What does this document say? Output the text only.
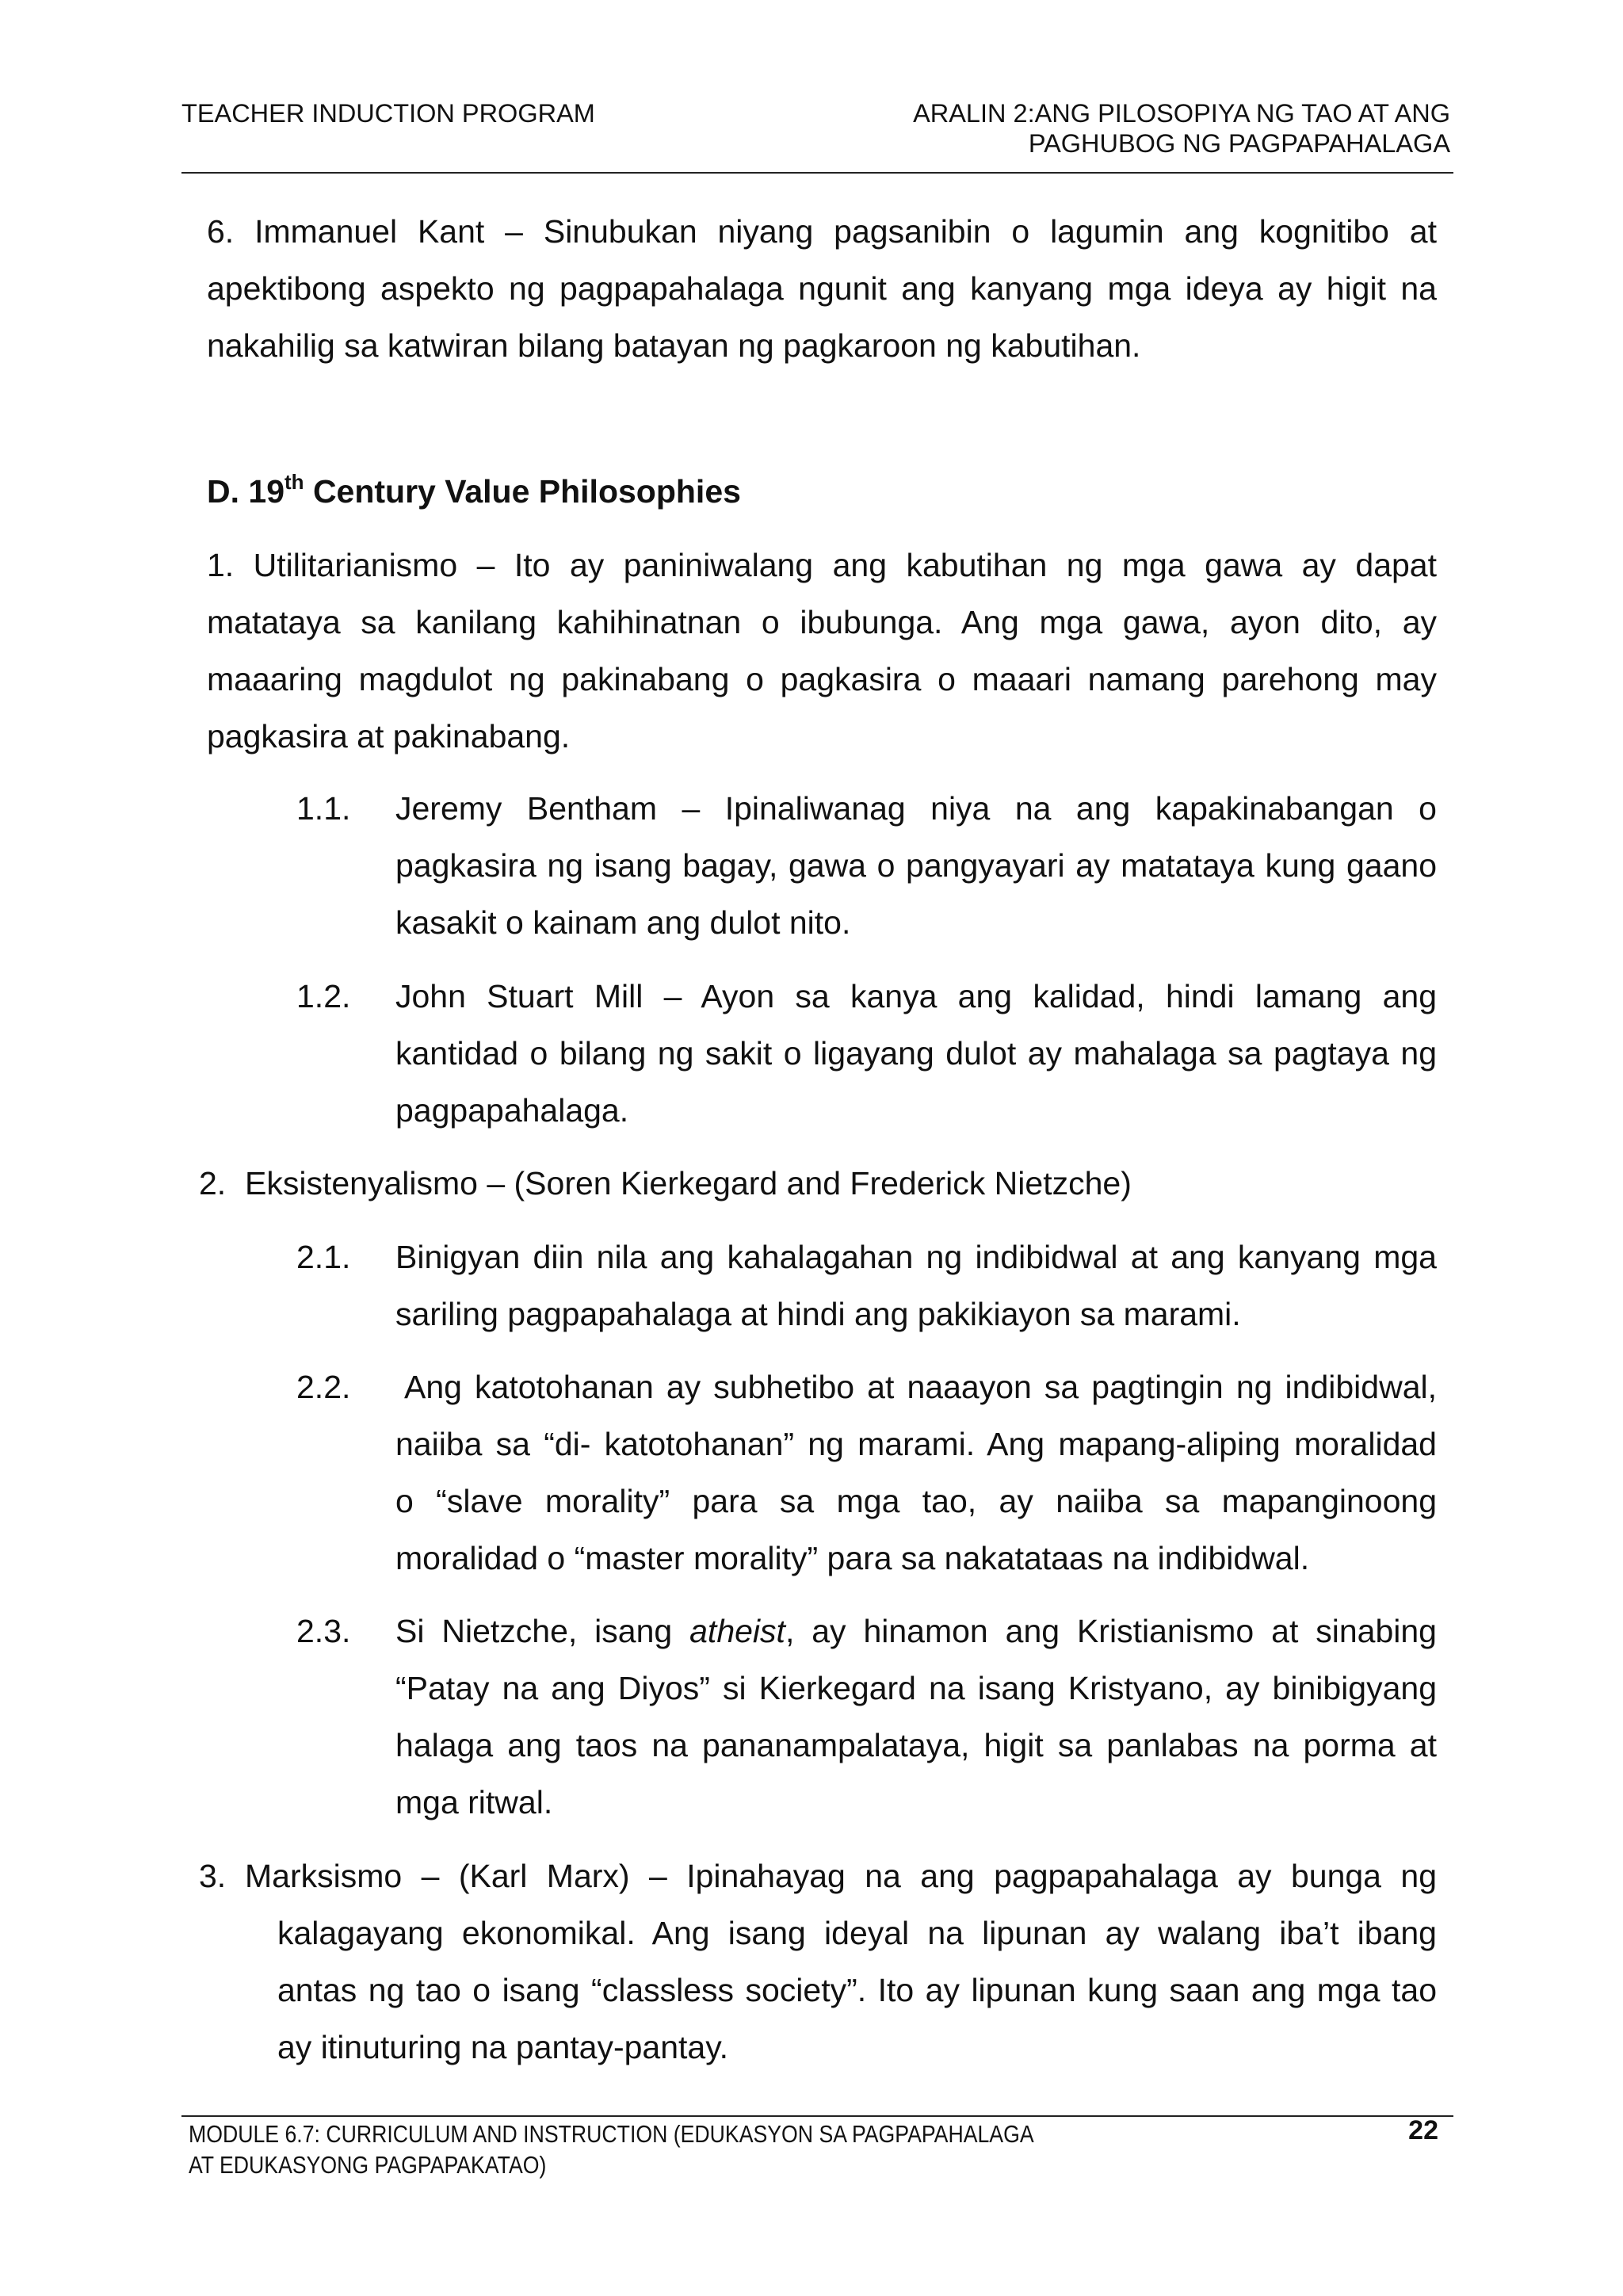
TEACHER INDUCTION PROGRAM	ARALIN 2:ANG PILOSOPIYA NG TAO AT ANG
PAGHUBOG NG PAGPAPAHALAGA
6. Immanuel Kant – Sinubukan niyang pagsanibin o lagumin ang kognitibo at
apektibong aspekto ng pagpapahalaga ngunit ang kanyang mga ideya ay higit na
nakahilig sa katwiran bilang batayan ng pagkaroon ng kabutihan.
D. 19th Century Value Philosophies
1. Utilitarianismo – Ito ay paniniwalang ang kabutihan ng mga gawa ay dapat
matataya sa kanilang kahihinatnan o ibubunga. Ang mga gawa, ayon dito, ay
maaaring magdulot ng pakinabang o pagkasira o maaari namang parehong may
pagkasira at pakinabang.
1.1. Jeremy Bentham – Ipinaliwanag niya na ang kapakinabangan o
pagkasira ng isang bagay, gawa o pangyayari ay matataya kung gaano
kasakit o kainam ang dulot nito.
1.2. John Stuart Mill – Ayon sa kanya ang kalidad, hindi lamang ang
kantidad o bilang ng sakit o ligayang dulot ay mahalaga sa pagtaya ng
pagpapahalaga.
2. Eksistenyalismo – (Soren Kierkegard and Frederick Nietzche)
2.1. Binigyan diin nila ang kahalagahan ng indibidwal at ang kanyang mga
sariling pagpapahalaga at hindi ang pakikiayon sa marami.
2.2. Ang katotohanan ay subhetibo at naaayon sa pagtingin ng indibidwal,
naiiba sa “di- katotohanan” ng marami. Ang mapang-aliping moralidad
o “slave morality” para sa mga tao, ay naiiba sa mapanginoong
moralidad o “master morality” para sa nakatataas na indibidwal.
2.3. Si Nietzche, isang atheist, ay hinamon ang Kristianismo at sinabing
“Patay na ang Diyos” si Kierkegard na isang Kristyano, ay binibigyang
halaga ang taos na pananampalataya, higit sa panlabas na porma at
mga ritwal.
3. Marksismo – (Karl Marx) – Ipinahayag na ang pagpapahalaga ay bunga ng
kalagayang ekonomikal. Ang isang ideyal na lipunan ay walang iba’t ibang
antas ng tao o isang “classless society”. Ito ay lipunan kung saan ang mga tao
ay itinuturing na pantay-pantay.
MODULE 6.7: CURRICULUM AND INSTRUCTION (EDUKASYON SA PAGPAPAHALAGA
AT EDUKASYONG PAGPAPAKATAO)
22
